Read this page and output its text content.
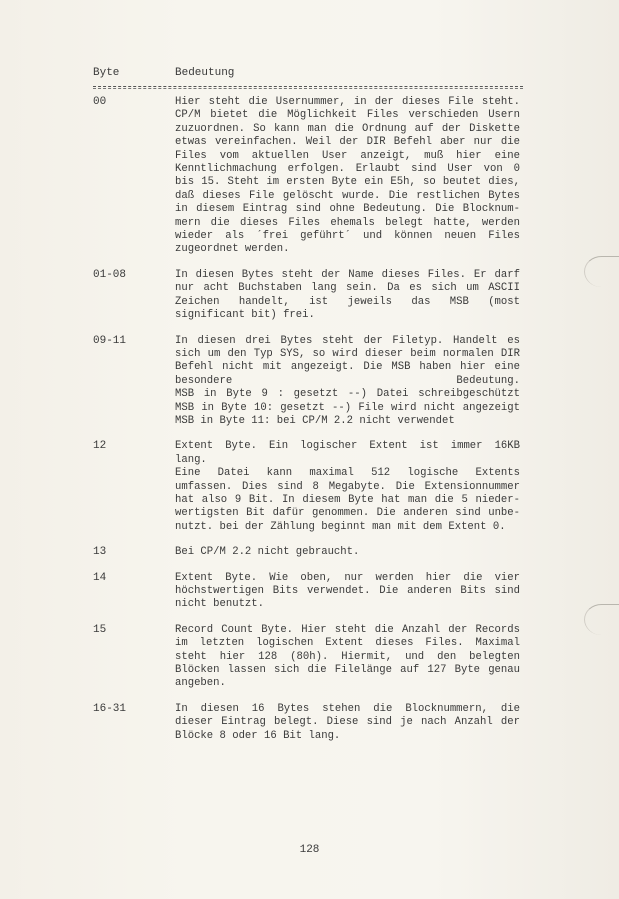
Byte	Bedeutung
00	Hier steht die Usernummer, in der dieses File steht.
CP/M bietet die Möglichkeit Files verschieden Usern
zuzuordnen. So kann man die Ordnung auf der Diskette
etwas vereinfachen. Weil der DIR Befehl aber nur die
Files vom aktuellen User anzeigt, muß hier eine
Kenntlichmachung erfolgen. Erlaubt sind User von 0
bis 15. Steht im ersten Byte ein E5h, so beutet dies,
daß dieses File gelöscht wurde. Die restlichen Bytes
in diesem Eintrag sind ohne Bedeutung. Die Blocknum-
mern die dieses Files ehemals belegt hatte, werden
wieder als ´frei geführt´ und können neuen Files
zugeordnet werden.
01-08	In diesen Bytes steht der Name dieses Files. Er darf
nur acht Buchstaben lang sein. Da es sich um ASCII
Zeichen handelt, ist jeweils das MSB (most
significant bit) frei.
09-11	In diesen drei Bytes steht der Filetyp. Handelt es
sich um den Typ SYS, so wird dieser beim normalen DIR
Befehl nicht mit angezeigt. Die MSB haben hier eine
besondere Bedeutung.
MSB in Byte 9 : gesetzt --) Datei schreibgeschützt
MSB in Byte 10: gesetzt --) File wird nicht angezeigt
MSB in Byte 11: bei CP/M 2.2 nicht verwendet
12	Extent Byte. Ein logischer Extent ist immer 16KB
lang.
Eine Datei kann maximal 512 logische Extents
umfassen. Dies sind 8 Megabyte. Die Extensionnummer
hat also 9 Bit. In diesem Byte hat man die 5 nieder-
wertigsten Bit dafür genommen. Die anderen sind unbe-
nutzt. bei der Zählung beginnt man mit dem Extent 0.
13	Bei CP/M 2.2 nicht gebraucht.
14	Extent Byte. Wie oben, nur werden hier die vier
höchstwertigen Bits verwendet. Die anderen Bits sind
nicht benutzt.
15	Record Count Byte. Hier steht die Anzahl der Records
im letzten logischen Extent dieses Files. Maximal
steht hier 128 (80h). Hiermit, und den belegten
Blöcken lassen sich die Filelänge auf 127 Byte genau
angeben.
16-31	In diesen 16 Bytes stehen die Blocknummern, die
dieser Eintrag belegt. Diese sind je nach Anzahl der
Blöcke 8 oder 16 Bit lang.
128
